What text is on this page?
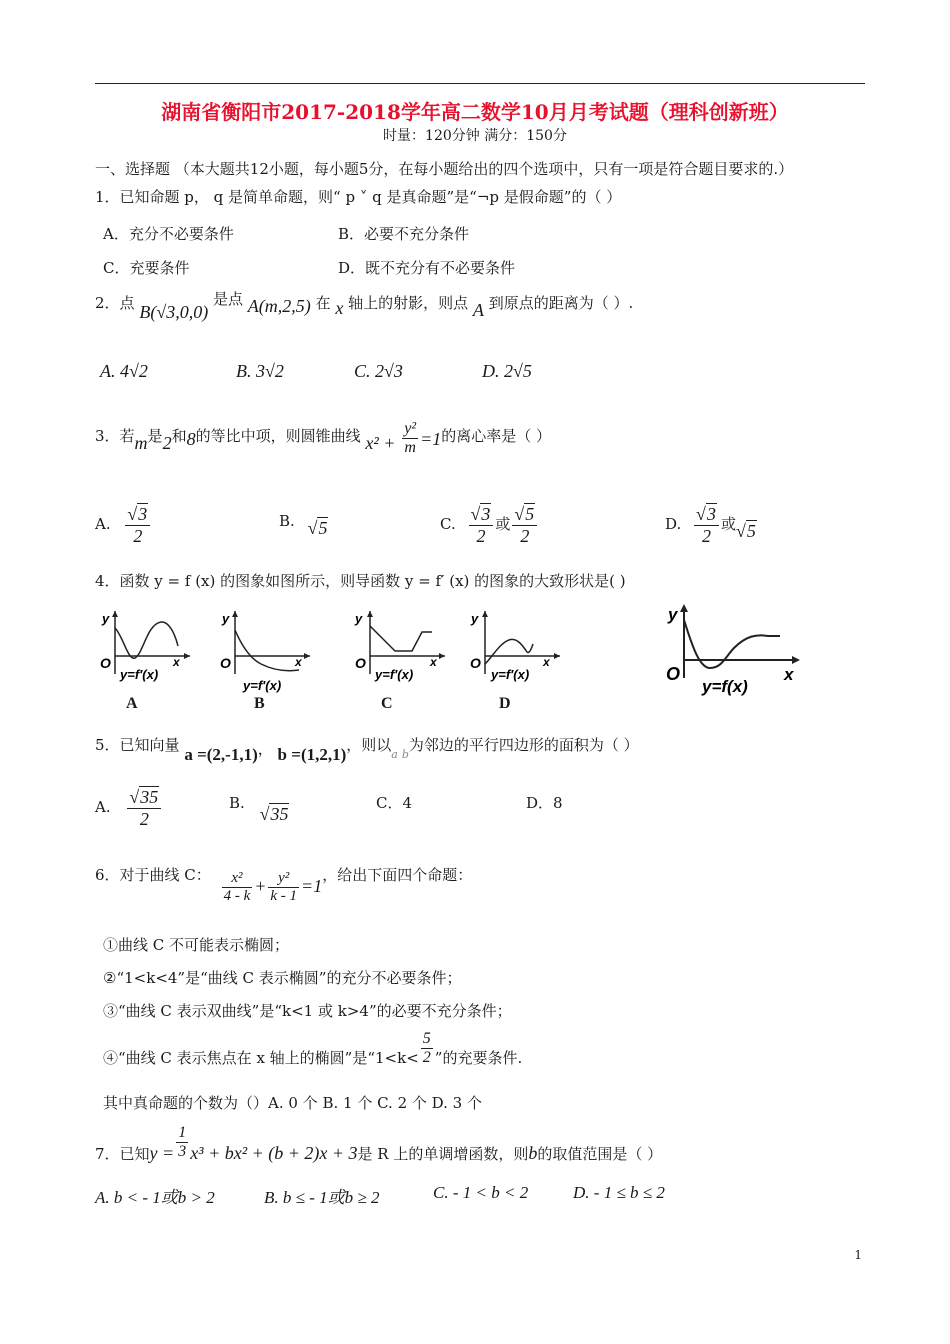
湖南省衡阳市2017-2018学年高二数学10月月考试题（理科创新班）
时量：120分钟 满分：150分
一、选择题 （本大题共12小题，每小题5分，在每小题给出的四个选项中，只有一项是符合题目要求的.）
1．已知命题 p， q 是简单命题，则“ p ˅ q 是真命题”是“¬p 是假命题”的（ ）
A．充分不必要条件	B．必要不充分条件
C．充要条件	D．既不充分有不必要条件
2．点 B(√3,0,0) 是点 A(m,2,5) 在 x 轴上的射影，则点 A 到原点的距离为（ ）.
A. 4√2	B. 3√2	C. 2√3	D. 2√5
3．若m是2和8的等比中项，则圆锥曲线 $x^2 + \frac{\text{y²}}{m} =1$的离心率是（ ）
A. $\frac{√3}{2}$	B. √5	C. $\frac{√3}{2}$ 或 $\frac{√5}{2}$	D. $\frac{√3}{2}$ 或√5
4．函数 y = f (x) 的图象如图所示，则导函数 y = f′ (x) 的图象的大致形状是( )
y
x
O
y=f′(x)
A
y
x
O
y=f′(x)
B
y
x
O
y=f′(x)
C
y
x
O
y=f′(x)
D
y
x
O
y=f(x)
5．已知向量 a =(2,-1,1)， b =(1,2,1)，则以$_a$ $_b$为邻边的平行四边形的面积为（ ）
A. $\frac{√35}{2}$	B. √35
C．4	D．8
6．对于曲线 C： $\frac{\text{x²}}{4 - k} + \frac{\text{y²}}{k - 1} =1$，给出下面四个命题：
①曲线 C 不可能表示椭圆；
②“1<k<4”是“曲线 C 表示椭圆”的充分不必要条件；
③“曲线 C 表示双曲线”是“k<1 或 k>4”的必要不充分条件；
④“曲线 C 表示焦点在 x 轴上的椭圆”是“$1<k< \frac{5}{2}$ ”的充要条件.
其中真命题的个数为（）A. 0 个 B. 1 个 C. 2 个 D. 3 个
7．已知$y = \frac{1}{3} x^3 + bx^2 + (b + 2)x + 3$是 R 上的单调增函数，则b的取值范围是（ ）
A. b < - 1或b > 2	B. b ≤ - 1或b ≥ 2	C. - 1 < b < 2	D. - 1 ≤ b ≤ 2
1
